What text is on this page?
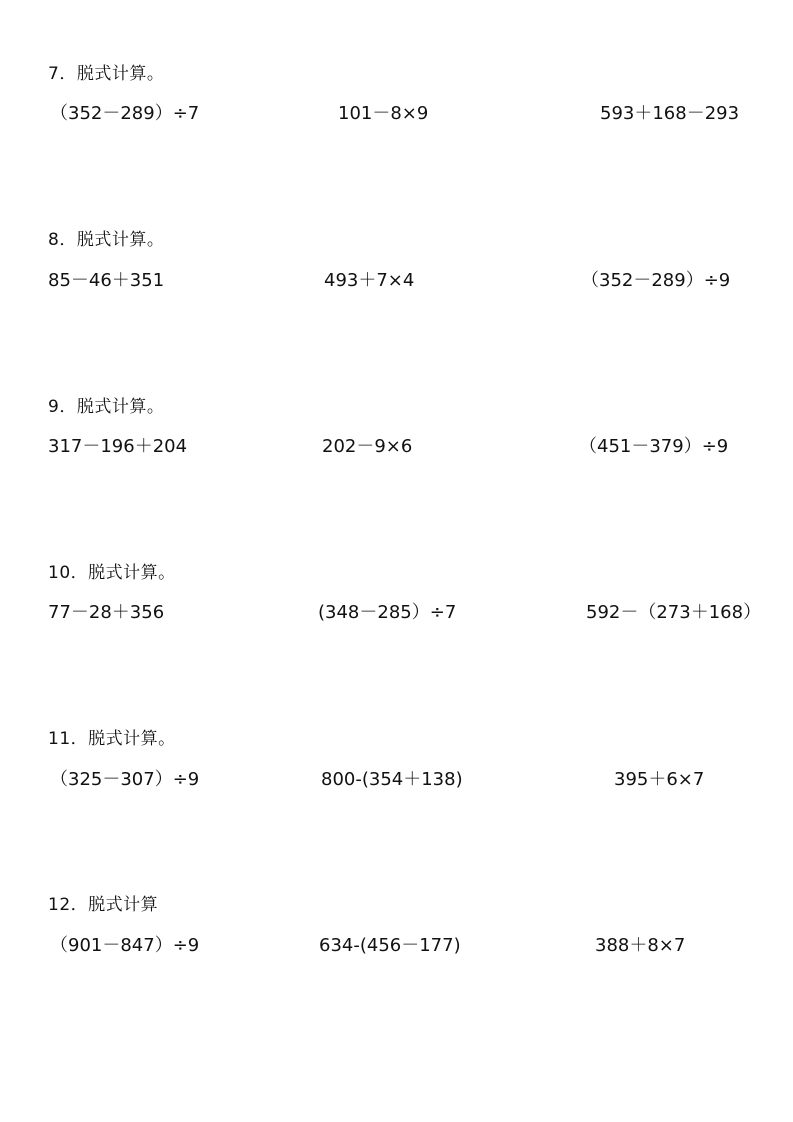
7．脱式计算。
（352－289）÷7	101－8×9	593＋168－293
8．脱式计算。
85－46＋351	493＋7×4	（352－289）÷9
9．脱式计算。
317－196＋204	202－9×6	（451－379）÷9
10．脱式计算。
77－28＋356	(348－285）÷7	592－（273＋168）
11．脱式计算。
（325－307）÷9	800-(354＋138)	395＋6×7
12．脱式计算
（901－847）÷9	634-(456－177)	388＋8×7
